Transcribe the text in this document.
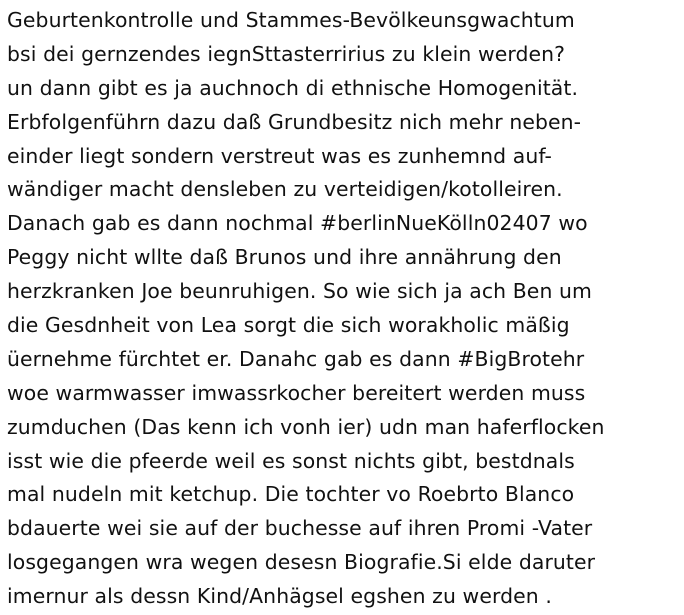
Geburtenkontrolle und Stammes-Bevölkeunsgwachtum
bsi dei gernzendes iegnSttasterririus zu klein werden?
un dann gibt es ja auchnoch di ethnische Homogenität.
Erbfolgenführn dazu daß Grundbesitz nich mehr neben-
einder liegt sondern verstreut was es zunhemnd auf-
wändiger macht densleben zu verteidigen/kotolleiren.
Danach gab es dann nochmal #berlinNueKölln02407 wo
Peggy nicht wllte daß Brunos und ihre annährung den
herzkranken Joe beunruhigen. So wie sich ja ach Ben um
die Gesdnheit von Lea sorgt die sich worakholic mäßig
üernehme fürchtet er. Danahc gab es dann #BigBrotehr
woe warmwasser imwassrkocher bereitert werden muss
zumduchen (Das kenn ich vonh ier) udn man haferflocken
isst wie die pfeerde weil es sonst nichts gibt, bestdnals
mal nudeln mit ketchup. Die tochter vo Roebrto Blanco
bdauerte wei sie auf der buchesse auf ihren Promi -Vater
losgegangen wra wegen desesn Biografie.Si elde daruter
imernur als dessn Kind/Anhägsel egshen zu werden .
